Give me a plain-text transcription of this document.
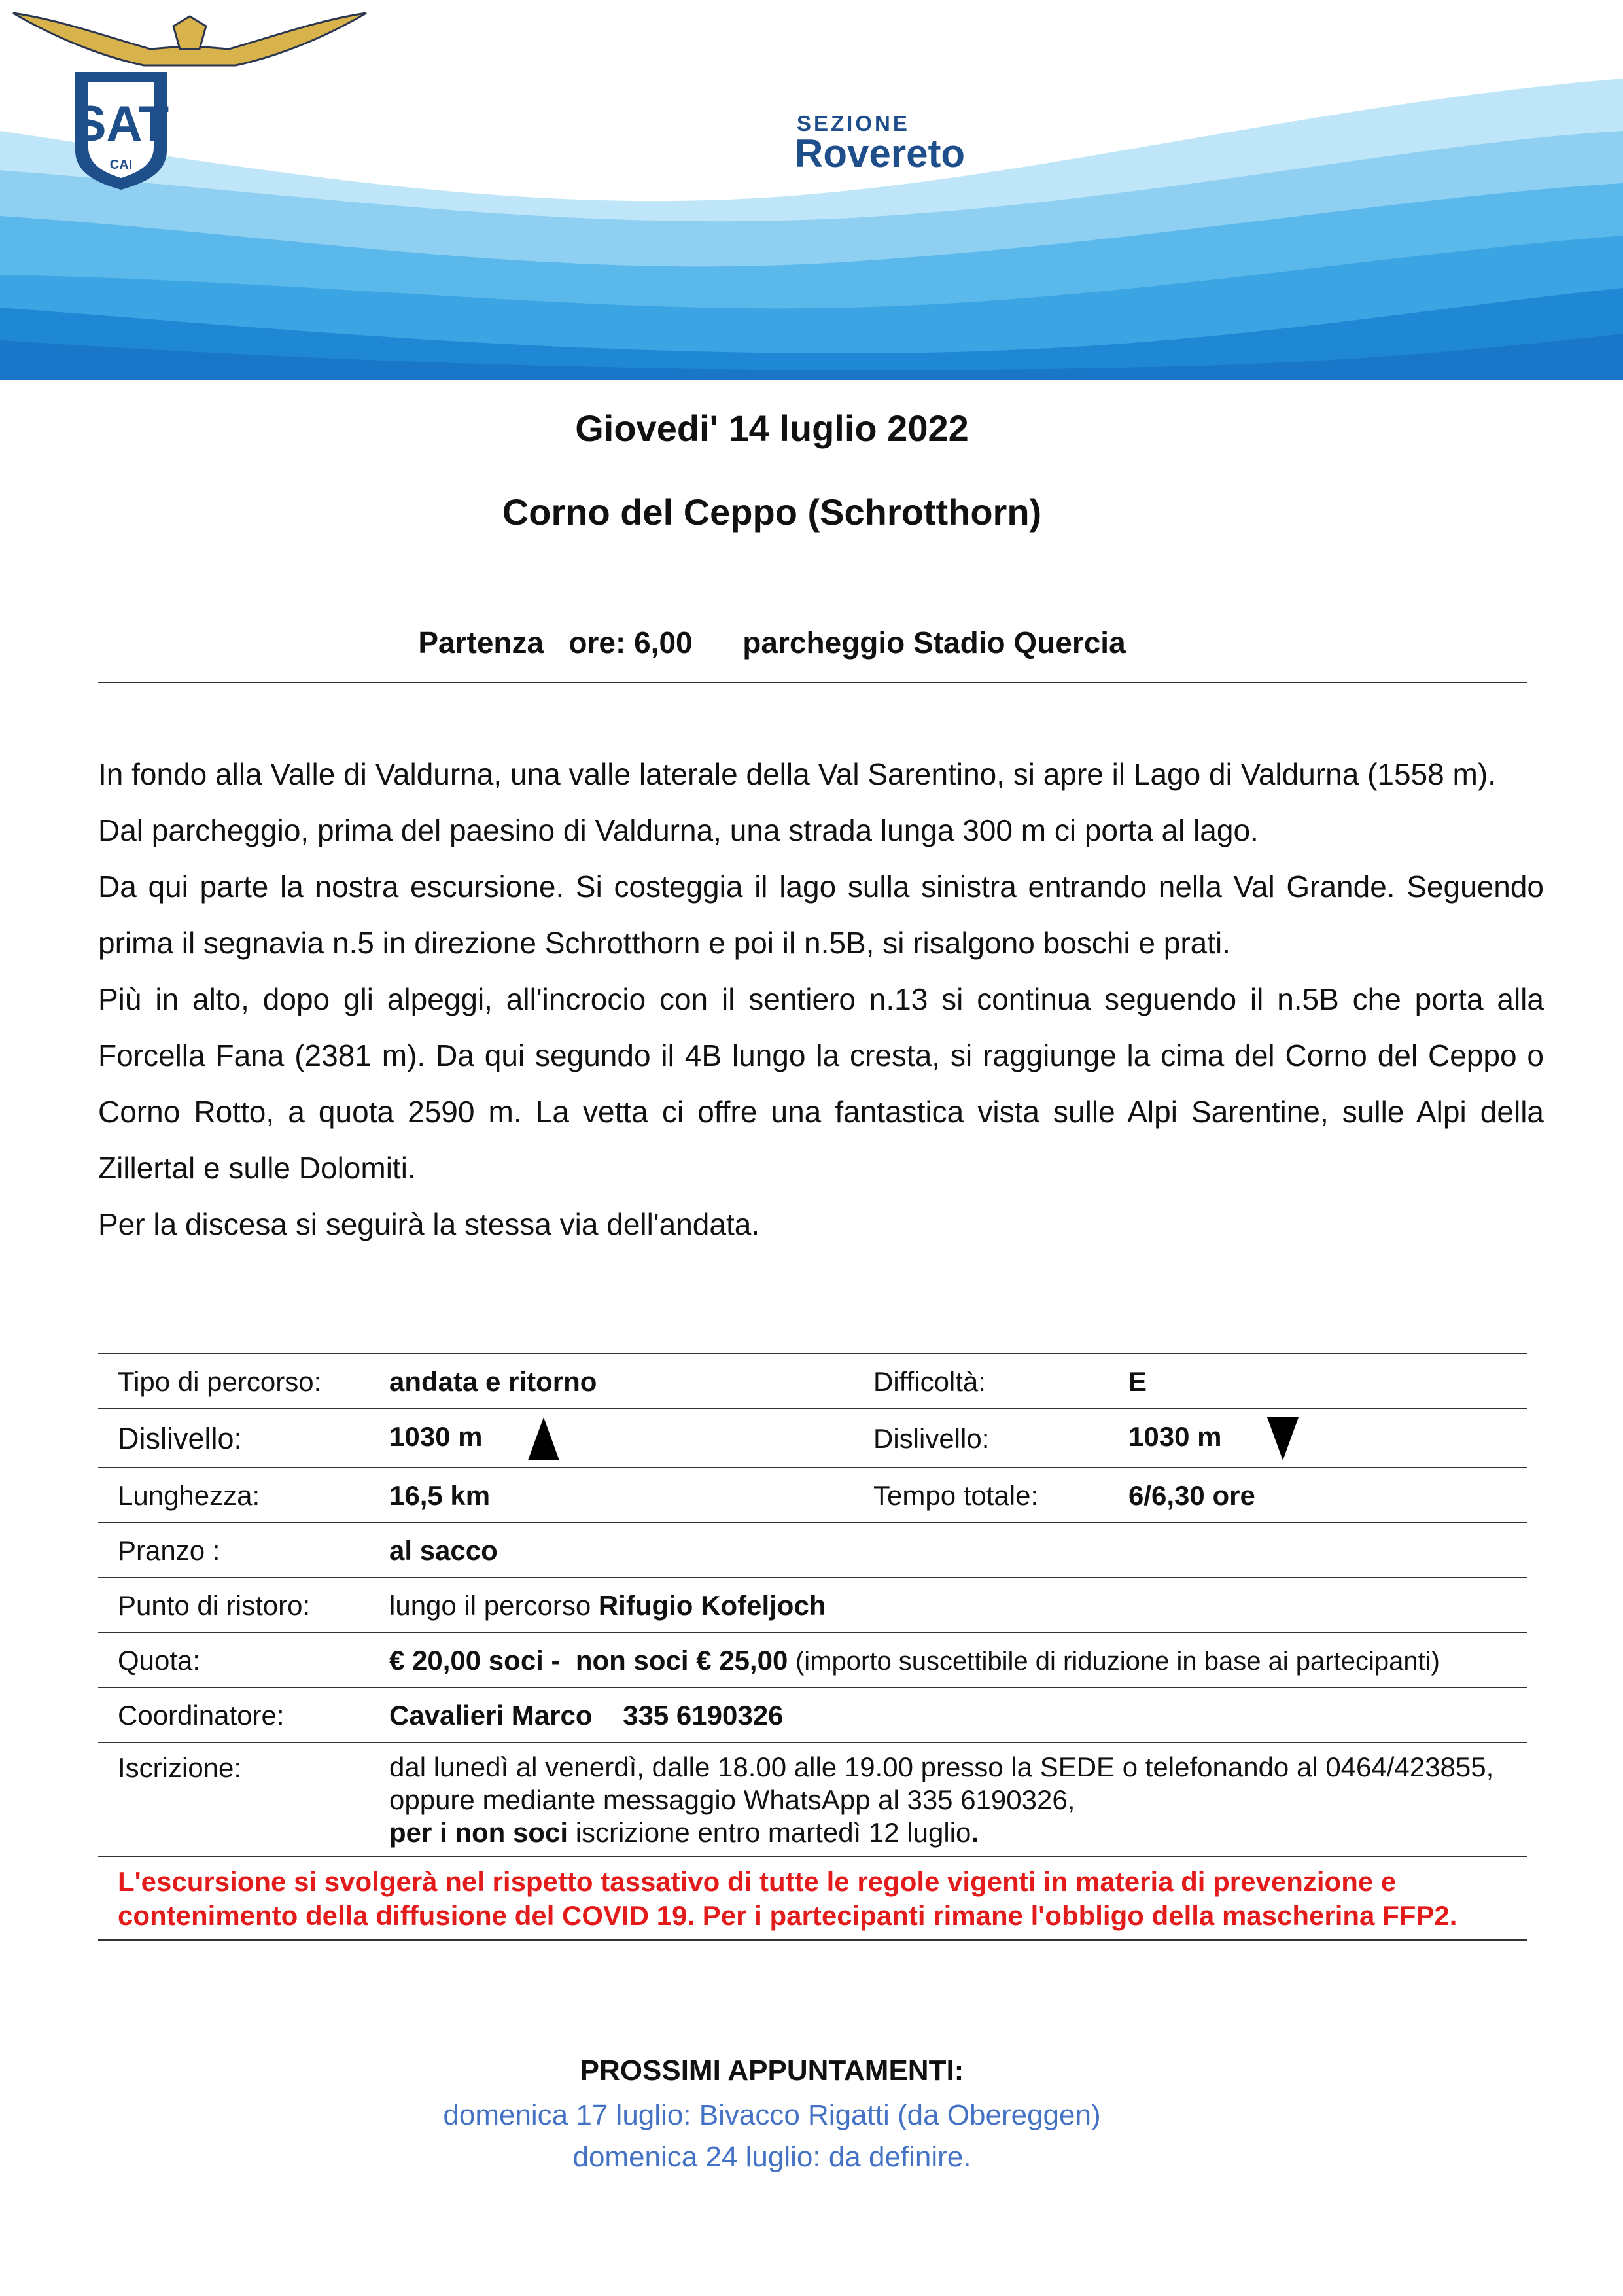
SAT
CAI
SEZIONE
Rovereto
Giovedi' 14 luglio 2022
Corno del Ceppo (Schrotthorn)
Partenza   ore: 6,00      parcheggio Stadio Quercia

In fondo alla Valle di Valdurna, una valle laterale della Val Sarentino, si apre il Lago di Valdurna (1558 m).

Dal parcheggio, prima del paesino di Valdurna, una strada lunga 300 m ci porta al lago.

Da qui parte la nostra escursione. Si costeggia il lago sulla sinistra entrando nella Val Grande. Seguendo prima il segnavia n.5 in direzione Schrotthorn e poi il n.5B, si risalgono boschi e prati.

Più in alto, dopo gli alpeggi, all'incrocio con il sentiero n.13 si continua seguendo il n.5B che porta alla Forcella Fana (2381 m). Da qui segundo il 4B lungo la cresta, si raggiunge la cima del Corno del Ceppo o Corno Rotto, a quota 2590 m. La vetta ci offre una fantastica vista sulle Alpi Sarentine, sulle Alpi della Zillertal e sulle Dolomiti.

Per la discesa si seguirà la stessa via dell'andata.

Tipo di percorso:	andata e ritorno	Difficoltà:	E
Dislivello:	1030 m	Dislivello:	1030 m
Lunghezza:	16,5 km	Tempo totale:	6/6,30 ore
Pranzo :	al sacco		
Punto di ristoro:	lungo il percorso Rifugio Kofeljoch		
Quota:	€ 20,00 soci -  non soci € 25,00 (importo suscettibile di riduzione in base ai partecipanti)		
Coordinatore:	Cavalieri Marco    335 6190326		
Iscrizione:	dal lunedì al venerdì, dalle 18.00 alle 19.00 presso la SEDE o telefonando al 0464/423855,
oppure mediante messaggio WhatsApp al 335 6190326,
per i non soci iscrizione entro martedì 12 luglio.		

L'escursione si svolgerà nel rispetto tassativo di tutte le regole vigenti in materia di prevenzione e contenimento della diffusione del COVID 19. Per i partecipanti rimane l'obbligo della mascherina FFP2.			
PROSSIMI APPUNTAMENTI:
domenica 17 luglio: Bivacco Rigatti (da Obereggen)
domenica 24 luglio: da definire.
